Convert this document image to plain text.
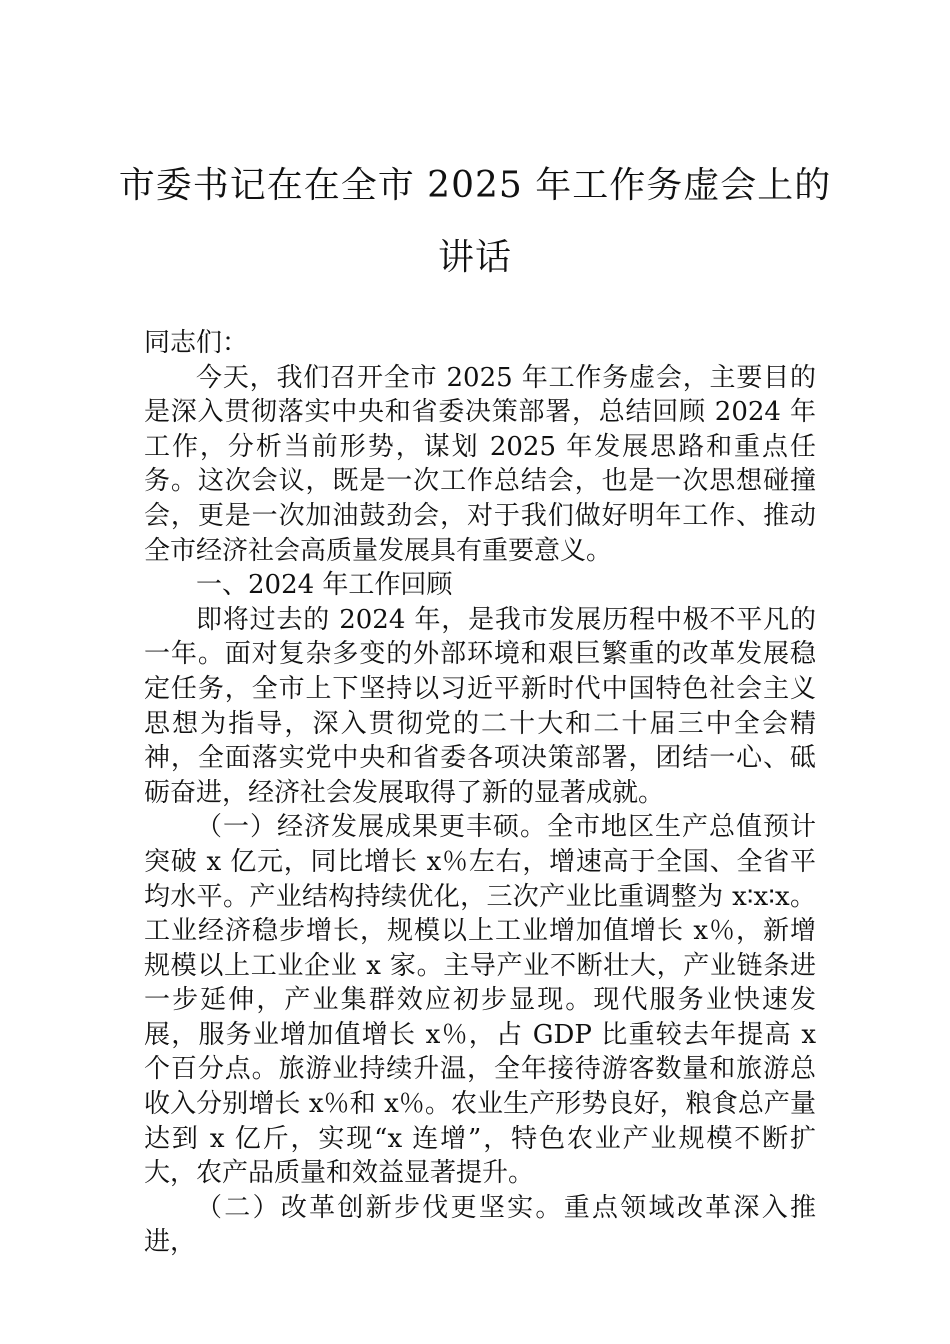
市委书记在在全市 2025 年工作务虚会上的
讲话

同志们：

今天，我们召开全市 2025 年工作务虚会，主要目的是深入贯彻落实中央和省委决策部署，总结回顾 2024 年工作，分析当前形势，谋划 2025 年发展思路和重点任务。这次会议，既是一次工作总结会，也是一次思想碰撞会，更是一次加油鼓劲会，对于我们做好明年工作、推动全市经济社会高质量发展具有重要意义。

一、2024 年工作回顾

即将过去的 2024 年，是我市发展历程中极不平凡的一年。面对复杂多变的外部环境和艰巨繁重的改革发展稳定任务，全市上下坚持以习近平新时代中国特色社会主义思想为指导，深入贯彻党的二十大和二十届三中全会精神，全面落实党中央和省委各项决策部署，团结一心、砥砺奋进，经济社会发展取得了新的显著成就。

（一）经济发展成果更丰硕。全市地区生产总值预计突破 x 亿元，同比增长 x％左右，增速高于全国、全省平均水平。产业结构持续优化，三次产业比重调整为 x∶x∶x。工业经济稳步增长，规模以上工业增加值增长 x％，新增规模以上工业企业 x 家。主导产业不断壮大，产业链条进一步延伸，产业集群效应初步显现。现代服务业快速发展，服务业增加值增长 x％，占 GDP 比重较去年提高 x 个百分点。旅游业持续升温，全年接待游客数量和旅游总收入分别增长 x％和 x％。农业生产形势良好，粮食总产量达到 x 亿斤，实现“x 连增”，特色农业产业规模不断扩大，农产品质量和效益显著提升。

（二）改革创新步伐更坚实。重点领域改革深入推进，
